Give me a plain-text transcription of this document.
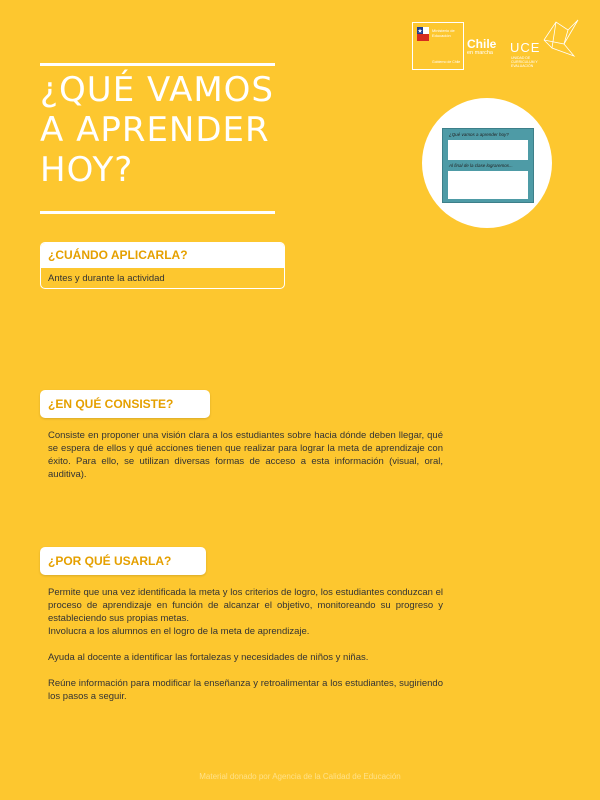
Ministerio de Educación
Gobierno de Chile
Chile
en marcha UCE
UNIDAD DE CURRICULUM Y EVALUACIÓN
¿QUÉ VAMOS A APRENDER HOY?
¿Qué vamos a aprender hoy?
Al final de la clase lograremos...
¿CUÁNDO APLICARLA?
Antes y durante la actividad
¿EN QUÉ CONSISTE?
Consiste en proponer una visión clara a los estudiantes sobre hacia dónde deben llegar, qué se espera de ellos y qué acciones tienen que realizar para lograr la meta de aprendizaje con éxito. Para ello, se utilizan diversas formas de acceso a esta información (visual, oral, auditiva).
¿POR QUÉ USARLA?
Permite que una vez identificada la meta y los criterios de logro, los estudiantes conduzcan el proceso de aprendizaje en función de alcanzar el objetivo, monitoreando su progreso y estableciendo sus propias metas.
Involucra a los alumnos en el logro de la meta de aprendizaje.
Ayuda al docente a identificar las fortalezas y necesidades de niños y niñas.
Reúne información para modificar la enseñanza y retroalimentar a los estudiantes, sugiriendo los pasos a seguir.
Material donado por Agencia de la Calidad de Educación
